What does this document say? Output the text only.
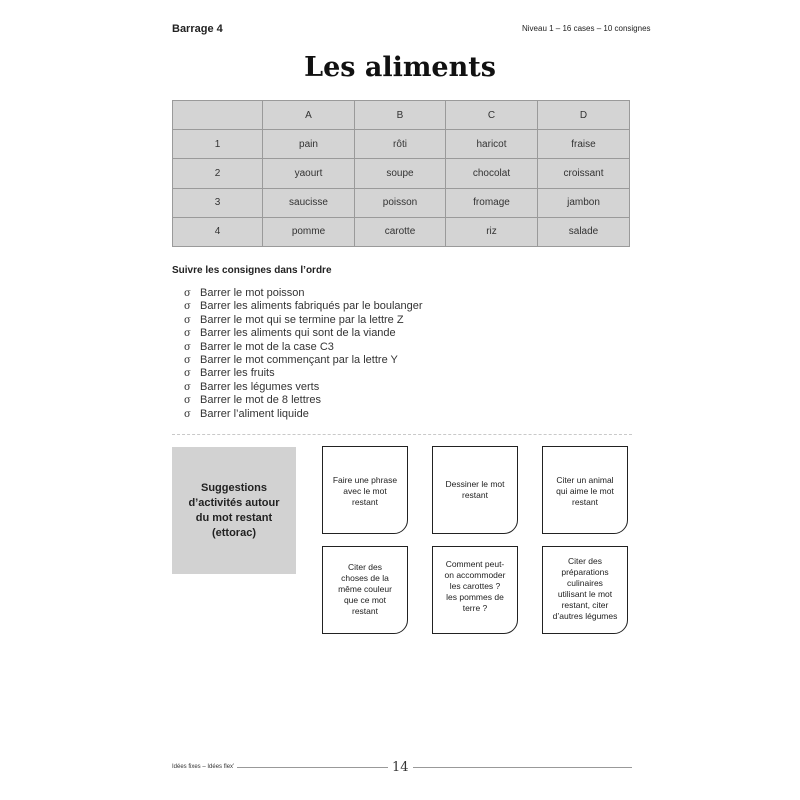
Barrage 4	Niveau 1 – 16 cases – 10 consignes
Les aliments
	A	B	C	D
1	pain	rôti	haricot	fraise
2	yaourt	soupe	chocolat	croissant
3	saucisse	poisson	fromage	jambon
4	pomme	carotte	riz	salade
Suivre les consignes dans l’ordre
σ Barrer le mot poisson
σ Barrer les aliments fabriqués par le boulanger
σ Barrer le mot qui se termine par la lettre Z
σ Barrer les aliments qui sont de la viande
σ Barrer le mot de la case C3
σ Barrer le mot commençant par la lettre Y
σ Barrer les fruits
σ Barrer les légumes verts
σ Barrer le mot de 8 lettres
σ Barrer l’aliment liquide
Suggestions
d’activités autour
du mot restant
(ettorac)
Faire une phrase
avec le mot
restant
Dessiner le mot
restant
Citer un animal
qui aime le mot
restant
Citer des
choses de la
même couleur
que ce mot
restant
Comment peut-
on accommoder
les carottes ?
les pommes de
terre ?
Citer des
préparations
culinaires
utilisant le mot
restant, citer
d’autres légumes
Idées fixes – Idées flex’	14
